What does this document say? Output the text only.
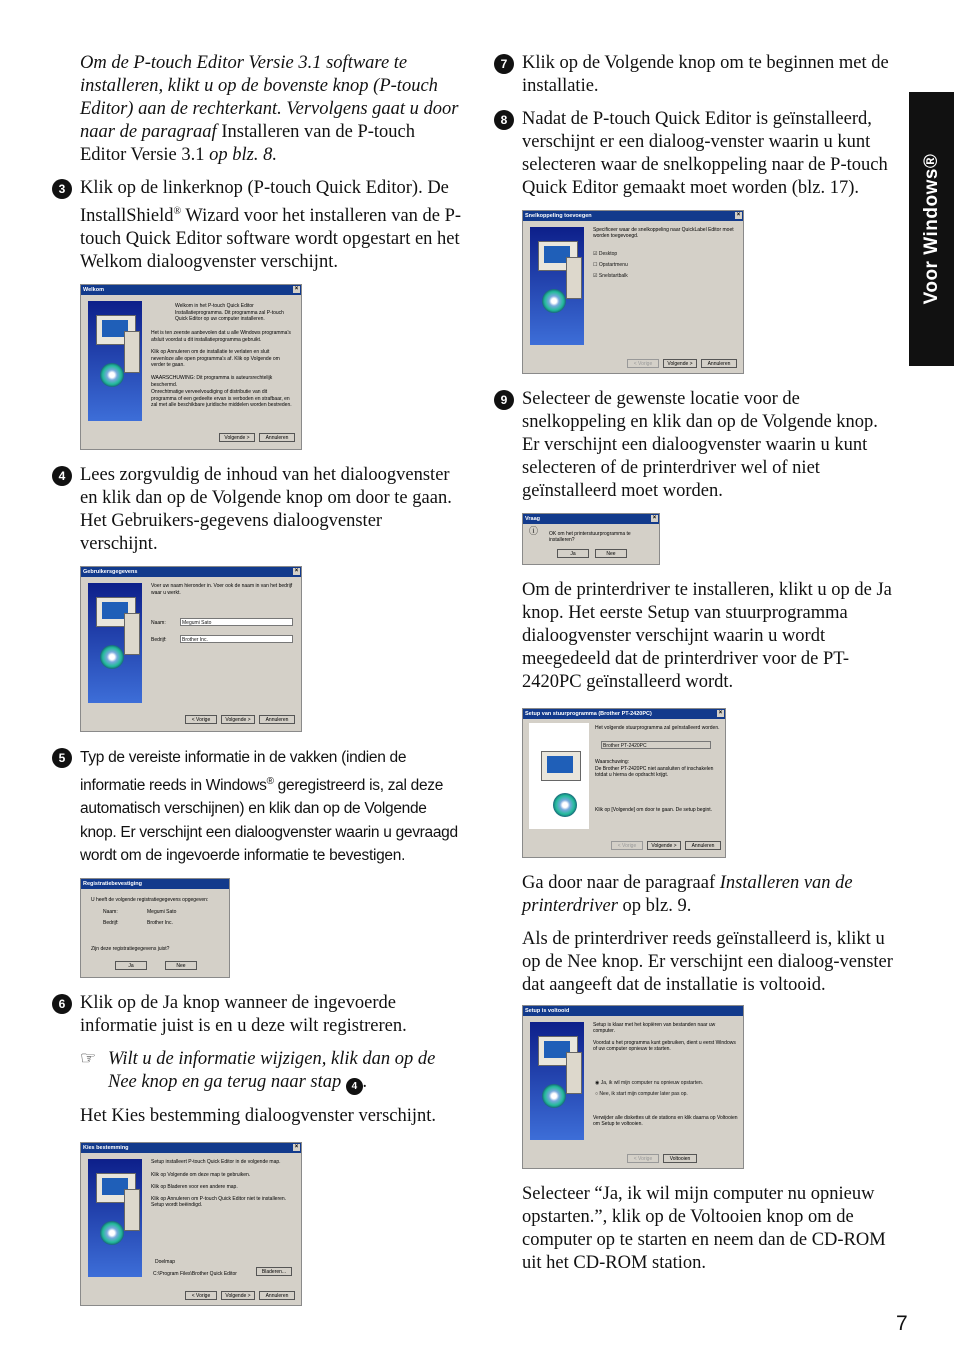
Voor Windows®

Om de P-touch Editor Versie 3.1 software te installeren, klikt u op de bovenste knop (P-touch Editor) aan de rechterkant. Vervolgens gaat u door naar de paragraaf Installeren van de P-touch Editor Versie 3.1 op blz. 8.

3 Klik op de linkerknop (P-touch Quick Editor). De InstallShield® Wizard voor het installeren van de P-touch Quick Editor software wordt opgestart en het Welkom dialoogvenster verschijnt.

Welkom	×
Welkom in het P-touch Quick Editor Installatieprogramma. Dit programma zal P-touch Quick Editor op uw computer installeren.
Het is ten zeerste aanbevolen dat u alle Windows programma's afsluit voordat u dit installatieprogramma gebruikt.
Klik op Annuleren om de installatie te verlaten en sluit nevenloze alle open programma's af. Klik op Volgende om verder te gaan.
WAARSCHUWING: Dit programma is auteursrechtelijk beschermd.
Onrechtmatige verveelvoudiging of distributie van dit programma of een gedeelte ervan is verboden en strafbaar, en zal met alle beschikbare juridische middelen worden bestreden.
Volgende >	Annuleren
4 Lees zorgvuldig de inhoud van het dialoogvenster en klik dan op de Volgende knop om door te gaan. Het Gebruikers-gegevens dialoogvenster verschijnt.

Gebruikersgegevens	×
Voer uw naam hieronder in. Voer ook de naam in van het bedrijf waar u werkt.
Naam:	Megumi Sato
Bedrijf:	Brother Inc.
< Vorige	Volgende >	Annuleren
5 Typ de vereiste informatie in de vakken (indien de informatie reeds in Windows® geregistreerd is, zal deze automatisch verschijnen) en klik dan op de Volgende knop. Er verschijnt een dialoogvenster waarin u gevraagd wordt om de ingevoerde informatie te bevestigen.

Registratiebevestiging
U heeft de volgende registratiegegevens opgegeven:
Naam:	Megumi Sato
Bedrijf:	Brother Inc.
Zijn deze registratiegegevens juist?
Ja	Nee
6 Klik op de Ja knop wanneer de ingevoerde informatie juist is en u deze wilt registreren.

☞ Wilt u de informatie wijzigen, klik dan op de Nee knop en ga terug naar stap 4 .

Het Kies bestemming dialoogvenster verschijnt.

Kies bestemming	×
Setup installeert P-touch Quick Editor in de volgende map.
Klik op Volgende om deze map te gebruiken.
Klik op Bladeren voor een andere map.
Klik op Annuleren om P-touch Quick Editor niet te installeren. Setup wordt beëindigd.
Doelmap
C:\Program Files\Brother Quick Editor	Bladeren...
< Vorige	Volgende >	Annuleren
7 Klik op de Volgende knop om te beginnen met de installatie.

8 Nadat de P-touch Quick Editor is geïnstalleerd, verschijnt er een dialoog-venster waarin u kunt selecteren waar de snelkoppeling naar de P-touch Quick Editor gemaakt moet worden (blz. 17).

Snelkoppeling toevoegen	×
Specificeer waar de snelkoppeling naar QuickLabel Editor moet worden toegevoegd.
☑ Desktop
☐ Opstartmenu
☑ Snelstartbalk
< Vorige	Volgende >	Annuleren
9 Selecteer de gewenste locatie voor de snelkoppeling en klik dan op de Volgende knop. Er verschijnt een dialoogvenster waarin u kunt selecteren of de printerdriver wel of niet geïnstalleerd moet worden.

Vraag	×
ⓘ OK om het printerstuurprogramma te installeren?
Ja	Nee

Om de printerdriver te installeren, klikt u op de Ja knop. Het eerste Setup van stuurprogramma dialoogvenster verschijnt waarin u wordt meegedeeld dat de printerdriver voor de PT-2420PC geïnstalleerd wordt.

Setup van stuurprogramma (Brother PT-2420PC)	×
Het volgende stuurprogramma zal geïnstalleerd worden.
Brother PT-2420PC
Waarschuwing:
De Brother PT-2420PC niet aansluiten of inschakelen totdat u hierna de opdracht krijgt.
Klik op [Volgende] om door te gaan. De setup begint.
< Vorige	Volgende >	Annuleren

Ga door naar de paragraaf Installeren van de printerdriver op blz. 9.

Als de printerdriver reeds geïnstalleerd is, klikt u op de Nee knop. Er verschijnt een dialoog-venster dat aangeeft dat de installatie is voltooid.

Setup is voltooid
Setup is klaar met het kopiëren van bestanden naar uw computer.
Voordat u het programma kunt gebruiken, dient u eerst Windows of uw computer opnieuw te starten.
◉ Ja, ik wil mijn computer nu opnieuw opstarten.
○ Nee, ik start mijn computer later pas op.
Verwijder alle diskettes uit de stations en klik daarna op Voltooien om Setup te voltooien.
< Vorige	Voltooien

Selecteer “Ja, ik wil mijn computer nu opnieuw opstarten.”, klik op de Voltooien knop om de computer op te starten en neem dan de CD-ROM uit het CD-ROM station.

7
